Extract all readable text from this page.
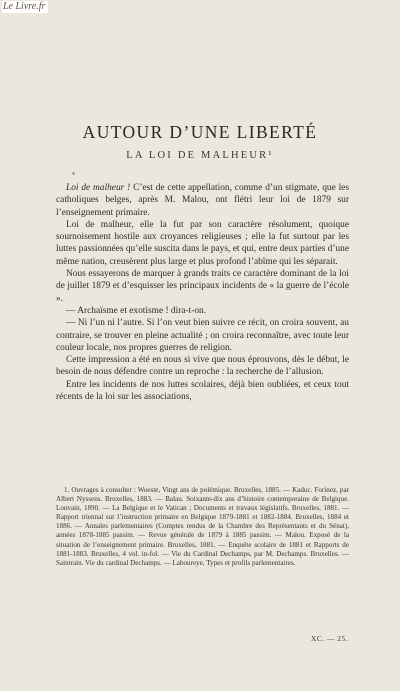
Le Livre.fr
AUTOUR D’UNE LIBERTÉ
LA LOI DE MALHEUR¹
*

Loi de malheur ! C’est de cette appellation, comme d’un stigmate, que les catholiques belges, après M. Malou, ont flétri leur loi de 1879 sur l’enseignement primaire.

Loi de malheur, elle la fut par son caractère résolument, quoique sournoisement hostile aux croyances religieuses ; elle la fut surtout par les luttes passionnées qu’elle suscita dans le pays, et qui, entre deux parties d’une même nation, creusèrent plus large et plus profond l’abîme qui les séparait.

Nous essayerons de marquer à grands traits ce caractère dominant de la loi de juillet 1879 et d’esquisser les principaux incidents de « la guerre de l’école ».

— Archaïsme et exotisme ! dira-t-on.

— Ni l’un ni l’autre. Si l’on veut bien suivre ce récit, on croira souvent, au contraire, se trouver en pleine actualité ; on croira reconnaître, avec toute leur couleur locale, nos propres guerres de religion.

Cette impression a été en nous si vive que nous éprouvons, dès le début, le besoin de nous défendre contre un reproche : la recherche de l’allusion.

Entre les incidents de nos luttes scolaires, déjà bien oubliées, et ceux tout récents de la loi sur les associations,

1. Ouvrages à consulter : Woeste, Vingt ans de polémique. Bruxelles, 1885. — Kaduc. Forinez, par Albert Nyssens. Bruxelles, 1883. — Balau. Soixante-dix ans d’histoire contemporaine de Belgique. Louvain, 1890. — La Belgique et le Vatican ; Documents et travaux législatifs. Bruxelles, 1881. — Rapport triennal sur l’instruction primaire en Belgique 1879-1881 et 1882-1884. Bruxelles, 1884 et 1886. — Annales parlementaires (Comptes rendus de la Chambre des Représentants et du Sénat), années 1878-1885 passim. — Revue générale de 1879 à 1885 passim. — Malou. Exposé de la situation de l’enseignement primaire. Bruxelles, 1881. — Enquête scolaire de 1881 et Rapports de 1881-1883. Bruxelles, 4 vol. in-fol. — Vie du Cardinal Dechamps, par M. Dechamps. Bruxelles. — Saintrain. Vie du cardinal Dechamps. — Laboureye, Types et profils parlementaires.

XC. — 25.
